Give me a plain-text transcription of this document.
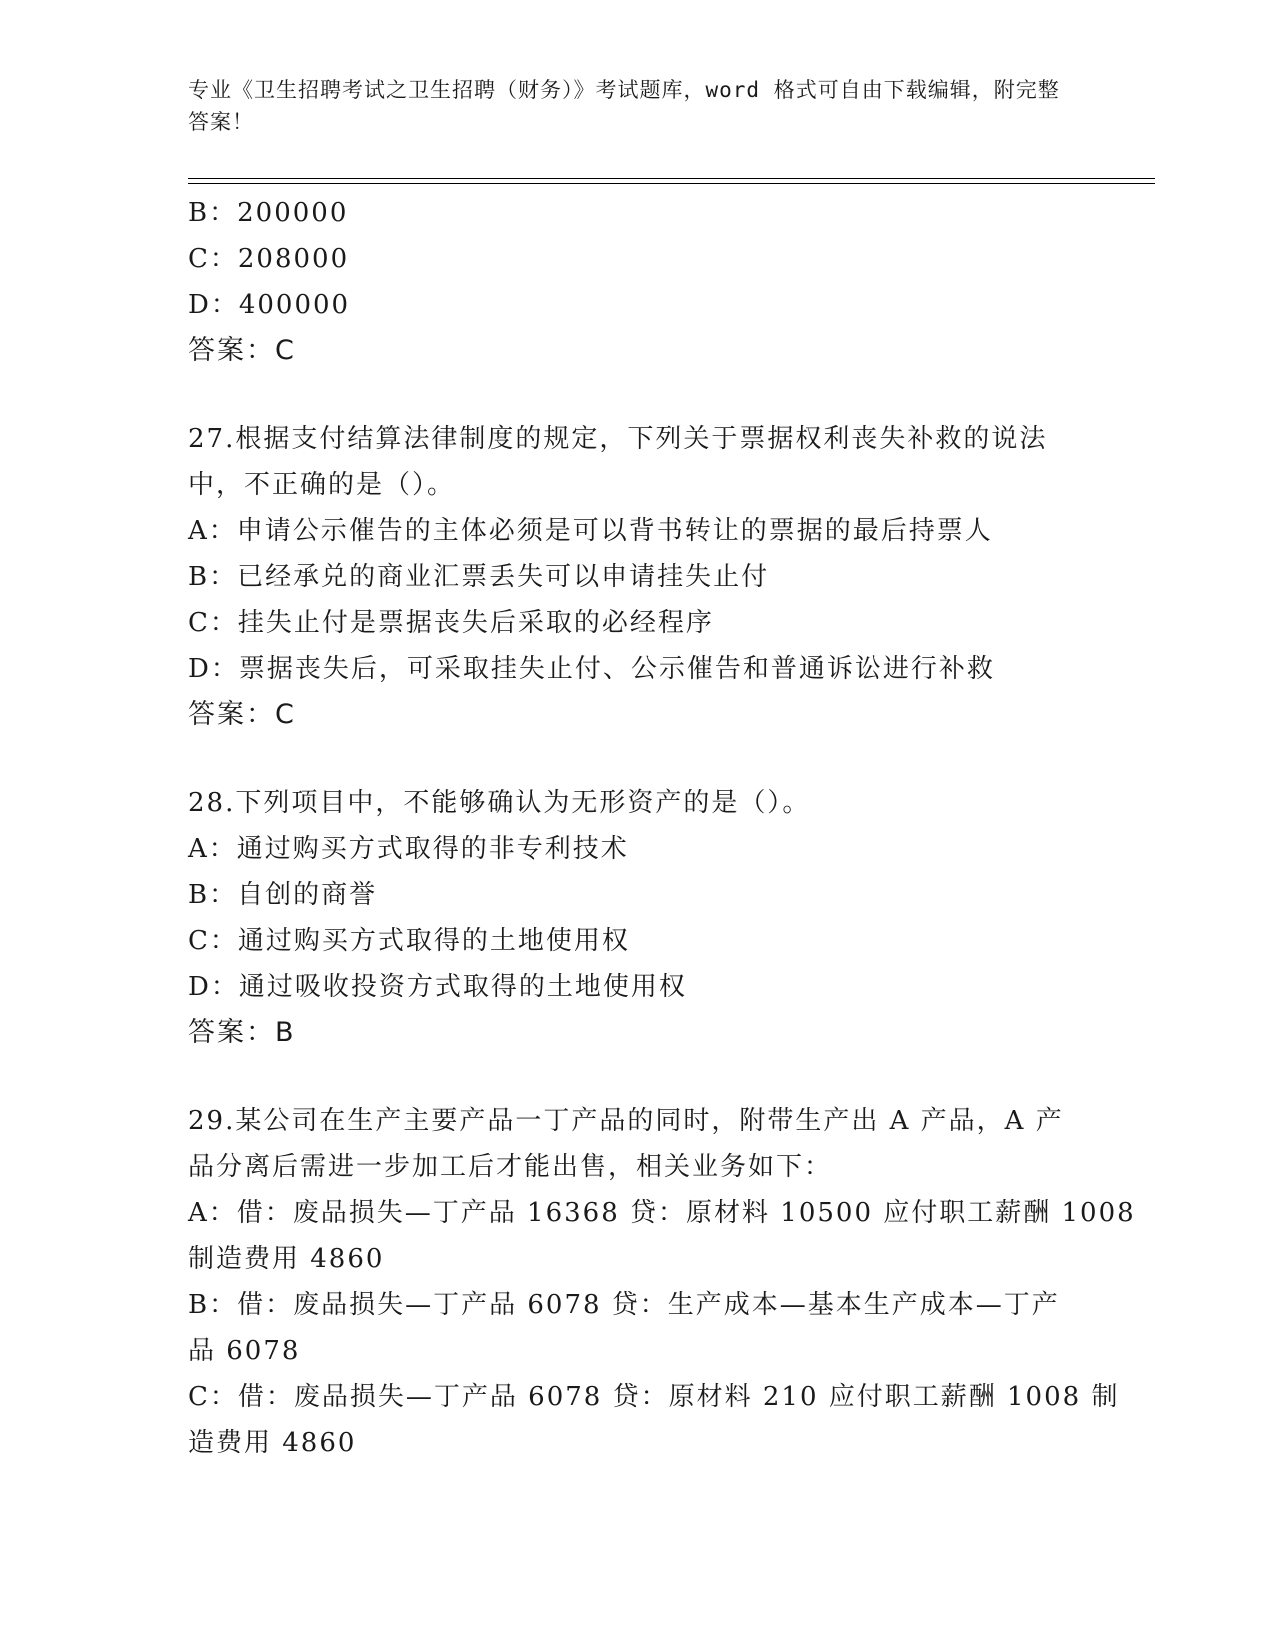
专业《卫生招聘考试之卫生招聘（财务）》考试题库，word 格式可自由下载编辑，附完整答案！
B：200000
C：208000
D：400000
答案：C
27.根据支付结算法律制度的规定，下列关于票据权利丧失补救的说法
中，不正确的是（）。
A：申请公示催告的主体必须是可以背书转让的票据的最后持票人
B：已经承兑的商业汇票丢失可以申请挂失止付
C：挂失止付是票据丧失后采取的必经程序
D：票据丧失后，可采取挂失止付、公示催告和普通诉讼进行补救
答案：C
28.下列项目中，不能够确认为无形资产的是（）。
A：通过购买方式取得的非专利技术
B：自创的商誉
C：通过购买方式取得的土地使用权
D：通过吸收投资方式取得的土地使用权
答案：B
29.某公司在生产主要产品一丁产品的同时，附带生产出 A 产品，A 产
品分离后需进一步加工后才能出售，相关业务如下：
A：借：废品损失—丁产品 16368 贷：原材料 10500 应付职工薪酬 1008
制造费用 4860
B：借：废品损失—丁产品 6078 贷：生产成本—基本生产成本—丁产
品 6078
C：借：废品损失—丁产品 6078 贷：原材料 210 应付职工薪酬 1008 制
造费用 4860
